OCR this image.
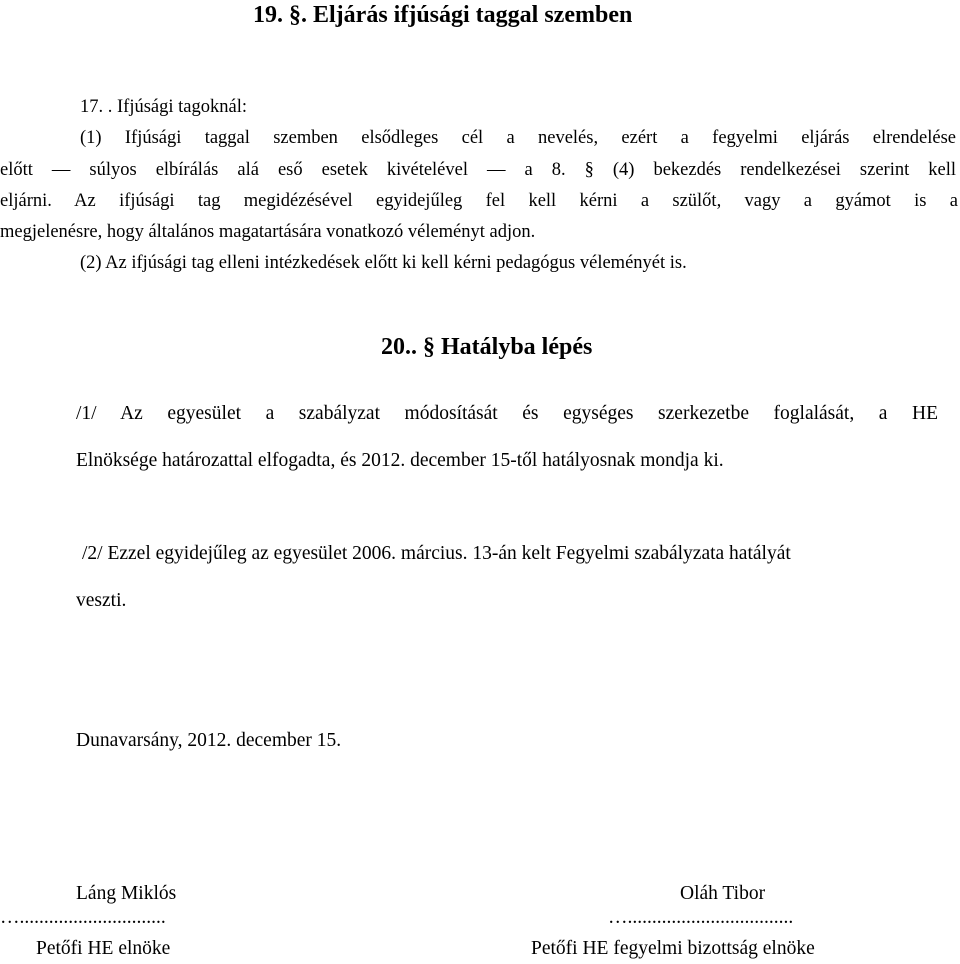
19. §. Eljárás ifjúsági taggal szemben
17. . Ifjúsági tagoknál:
(1) Ifjúsági taggal szemben elsődleges cél a nevelés, ezért a fegyelmi eljárás elrendelése
előtt ― súlyos elbírálás alá eső esetek kivételével ― a 8. § (4) bekezdés rendelkezései szerint kell
eljárni. Az ifjúsági tag megidézésével egyidejűleg fel kell kérni a szülőt, vagy a gyámot is a
megjelenésre, hogy általános magatartására vonatkozó véleményt adjon.
(2) Az ifjúsági tag elleni intézkedések előtt ki kell kérni pedagógus véleményét is.
20.. § Hatályba lépés
/1/ Az egyesület a szabályzat módosítását és egységes szerkezetbe foglalását, a HE
Elnöksége határozattal elfogadta, és 2012. december 15-től hatályosnak mondja ki.
/2/ Ezzel egyidejűleg az egyesület 2006. március. 13-án kelt Fegyelmi szabályzata hatályát
veszti.
Dunavarsány, 2012. december 15.
Láng Miklós	Oláh Tibor
…..............................	…..................................
Petőfi HE elnöke	Petőfi HE fegyelmi bizottság elnöke
